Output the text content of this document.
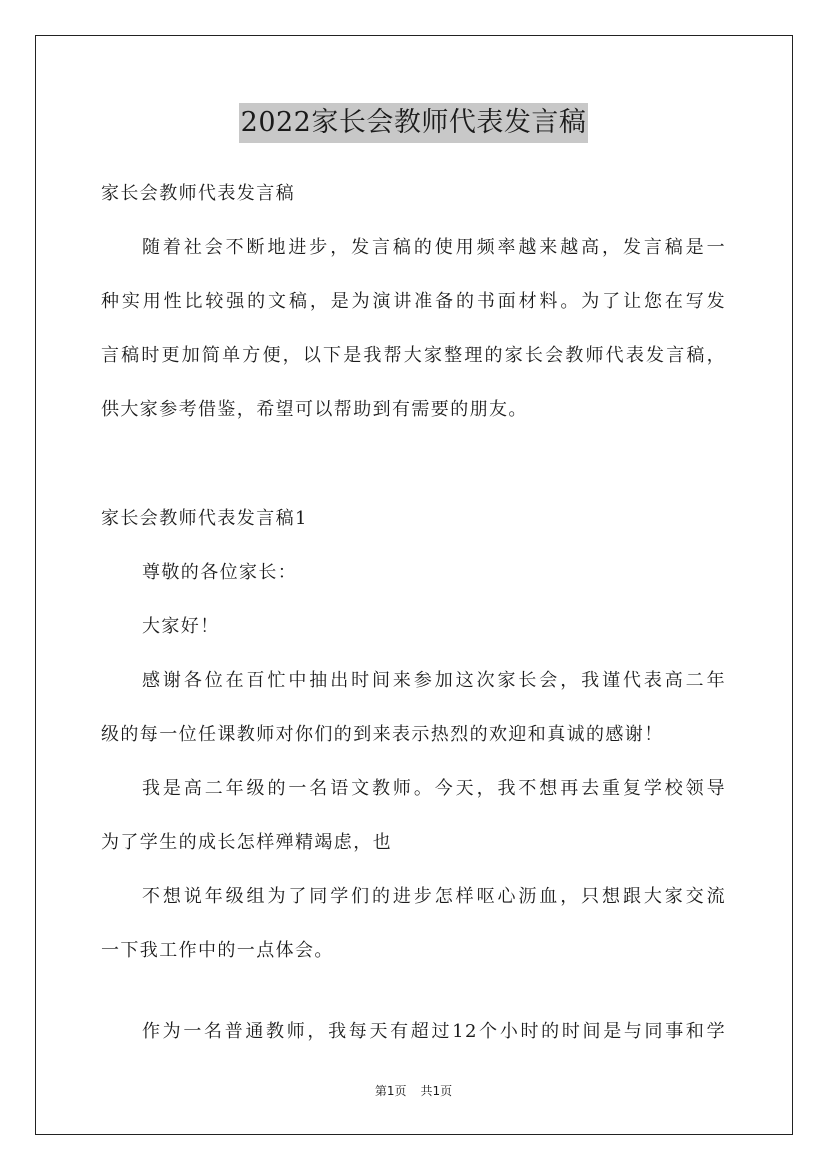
2022家长会教师代表发言稿
家长会教师代表发言稿
随着社会不断地进步，发言稿的使用频率越来越高，发言稿是一
种实用性比较强的文稿，是为演讲准备的书面材料。为了让您在写发
言稿时更加简单方便，以下是我帮大家整理的家长会教师代表发言稿，
供大家参考借鉴，希望可以帮助到有需要的朋友。
家长会教师代表发言稿1
尊敬的各位家长：
大家好！
感谢各位在百忙中抽出时间来参加这次家长会，我谨代表高二年
级的每一位任课教师对你们的到来表示热烈的欢迎和真诚的感谢！
我是高二年级的一名语文教师。今天，我不想再去重复学校领导
为了学生的成长怎样殚精竭虑，也
不想说年级组为了同学们的进步怎样呕心沥血，只想跟大家交流
一下我工作中的一点体会。
作为一名普通教师，我每天有超过12个小时的时间是与同事和学
第1页 共1页
